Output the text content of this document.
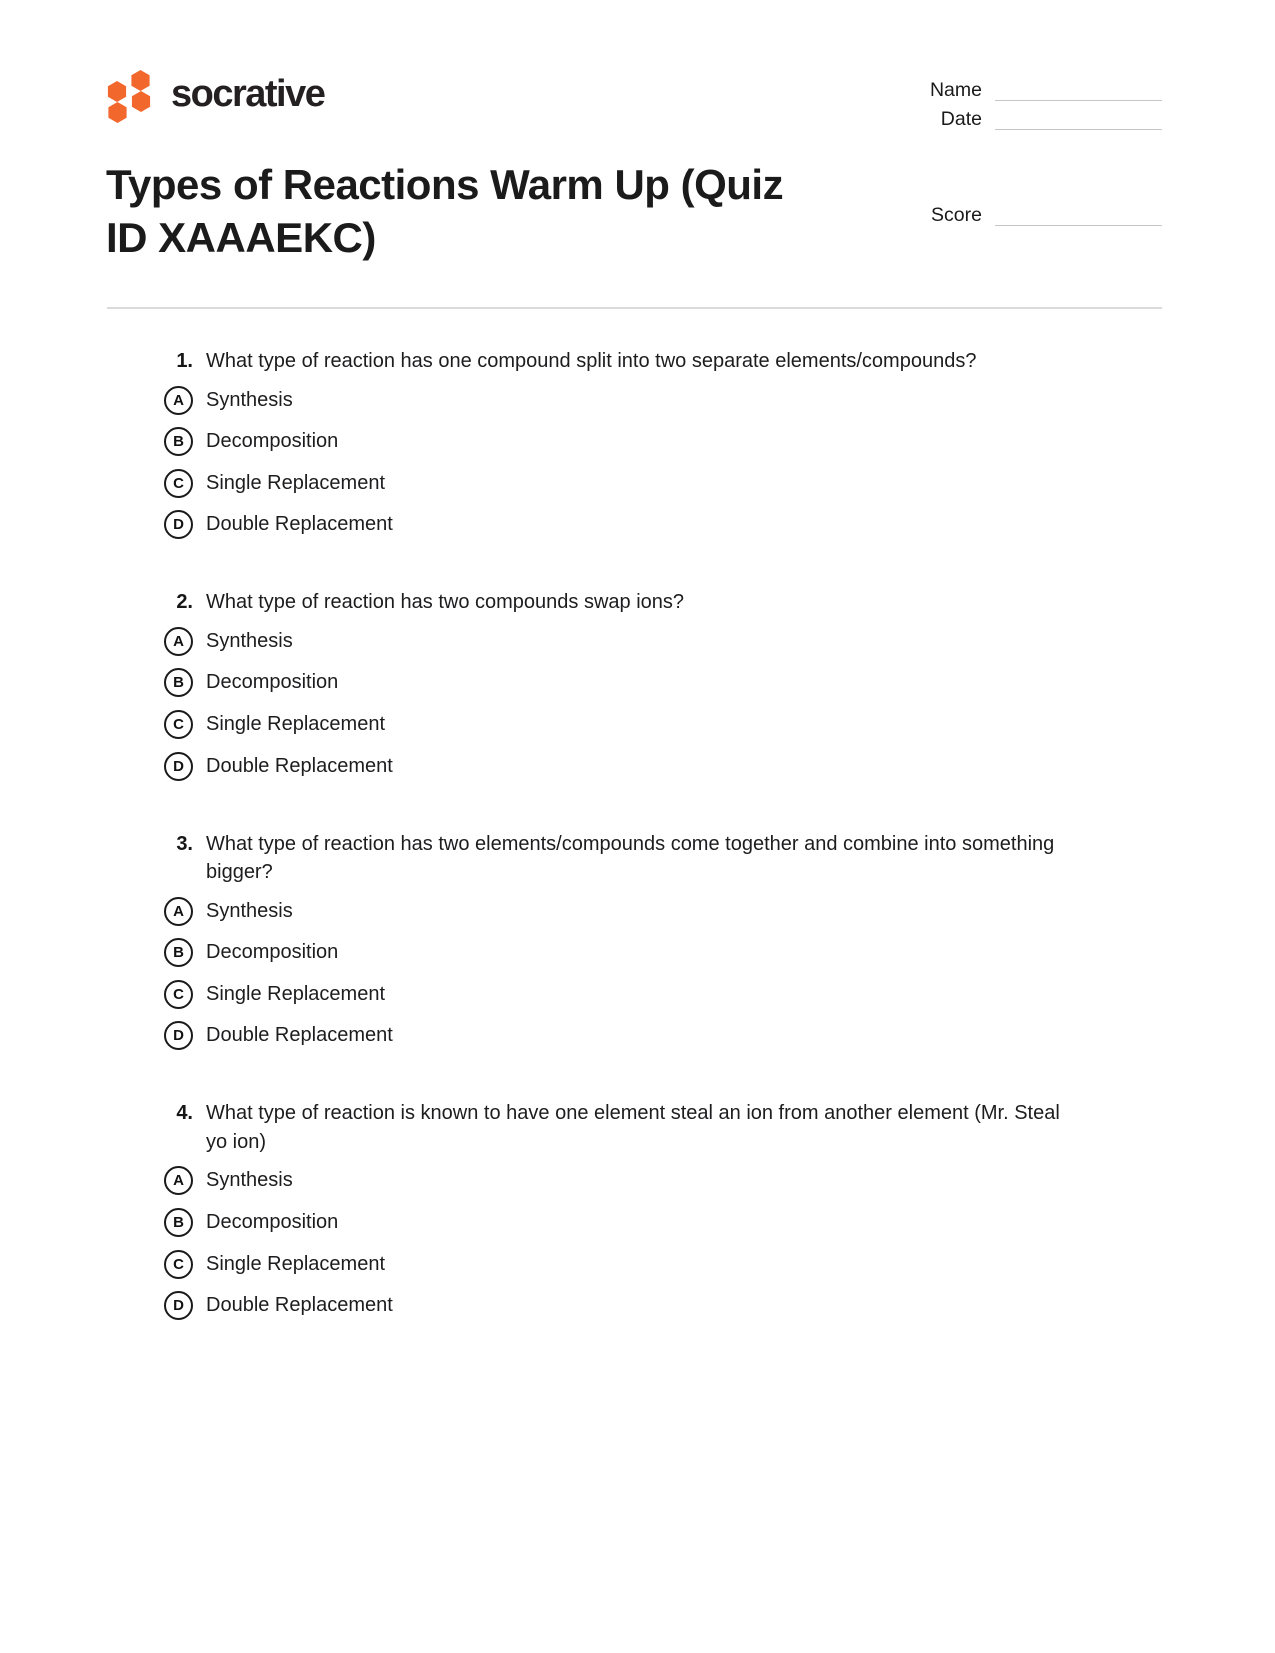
socrative	Name
Date
Score
Types of Reactions Warm Up (Quiz ID XAAAEKC)
1. What type of reaction has one compound split into two separate elements/compounds?
A	Synthesis
B	Decomposition
C	Single Replacement
D	Double Replacement
2. What type of reaction has two compounds swap ions?
A	Synthesis
B	Decomposition
C	Single Replacement
D	Double Replacement
3. What type of reaction has two elements/compounds come together and combine into something bigger?
A	Synthesis
B	Decomposition
C	Single Replacement
D	Double Replacement
4. What type of reaction is known to have one element steal an ion from another element (Mr. Steal yo ion)
A	Synthesis
B	Decomposition
C	Single Replacement
D	Double Replacement
